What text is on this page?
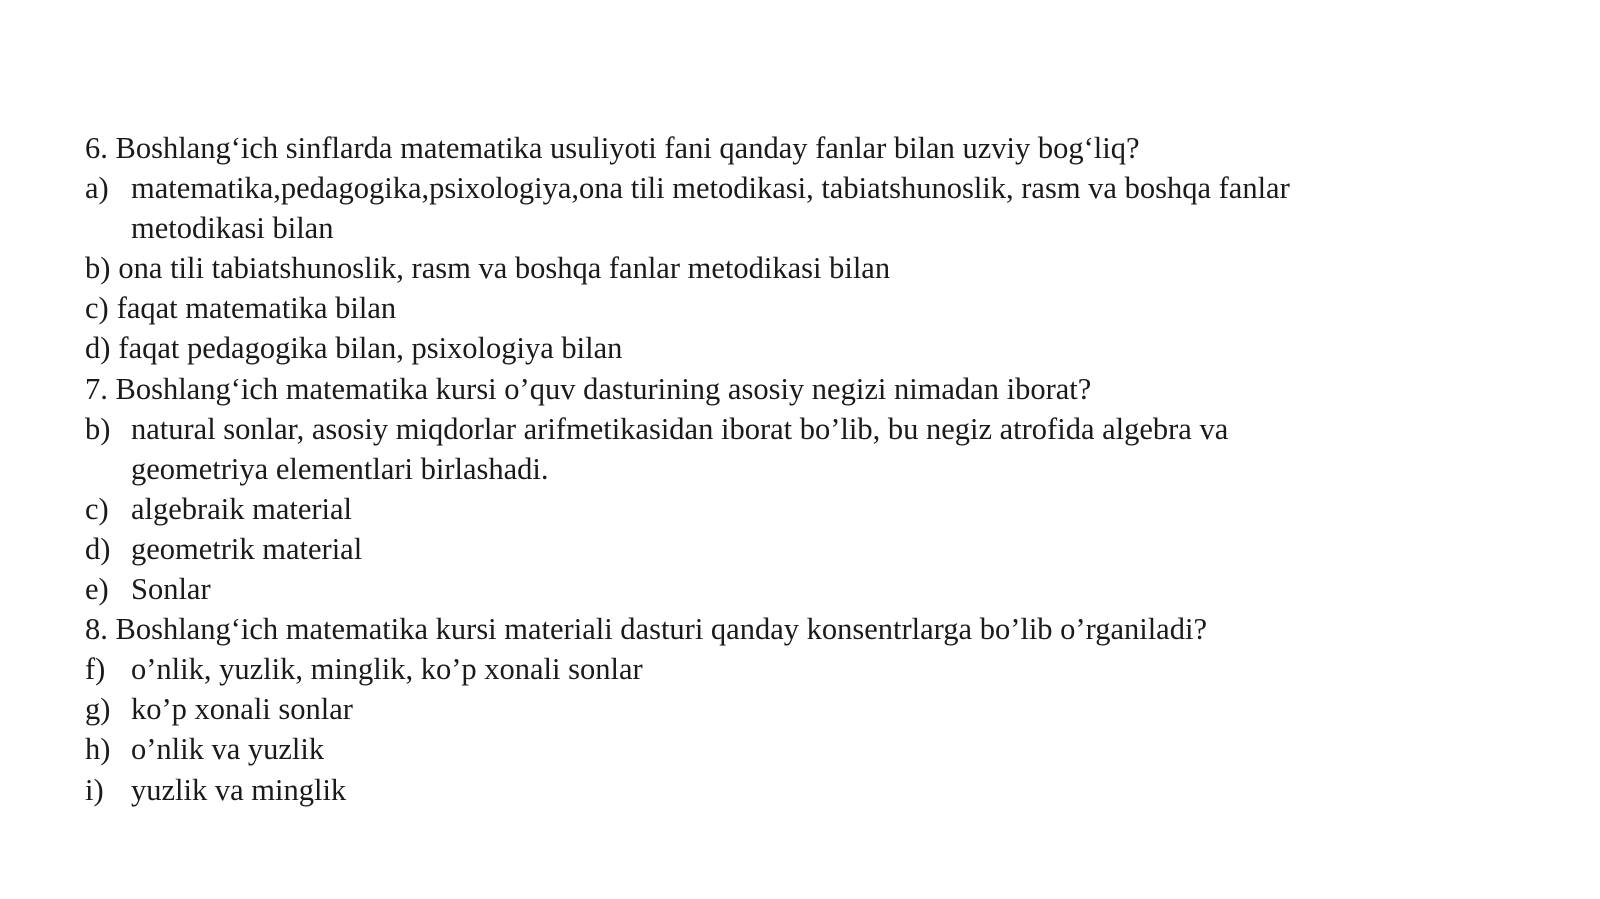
6. Boshlang‘ich sinflarda matematika usuliyoti fani qanday fanlar bilan uzviy bog‘liq?
a) matematika,pedagogika,psixologiya,ona tili metodikasi, tabiatshunoslik, rasm va boshqa fanlar metodikasi bilan
b) ona tili tabiatshunoslik, rasm va boshqa fanlar metodikasi bilan
c) faqat matematika bilan
d) faqat pedagogika bilan, psixologiya bilan
7. Boshlang‘ich matematika kursi o’quv dasturining asosiy negizi nimadan iborat?
b) natural sonlar, asosiy miqdorlar arifmetikasidan iborat bo’lib, bu negiz atrofida algebra va geometriya elementlari birlashadi.
c) algebraik material
d) geometrik material
e) Sonlar
8. Boshlang‘ich matematika kursi materiali dasturi qanday konsentrlarga bo’lib o’rganiladi?
f) o’nlik, yuzlik, minglik, ko’p xonali sonlar
g) ko’p xonali sonlar
h) o’nlik va yuzlik
i) yuzlik va minglik
